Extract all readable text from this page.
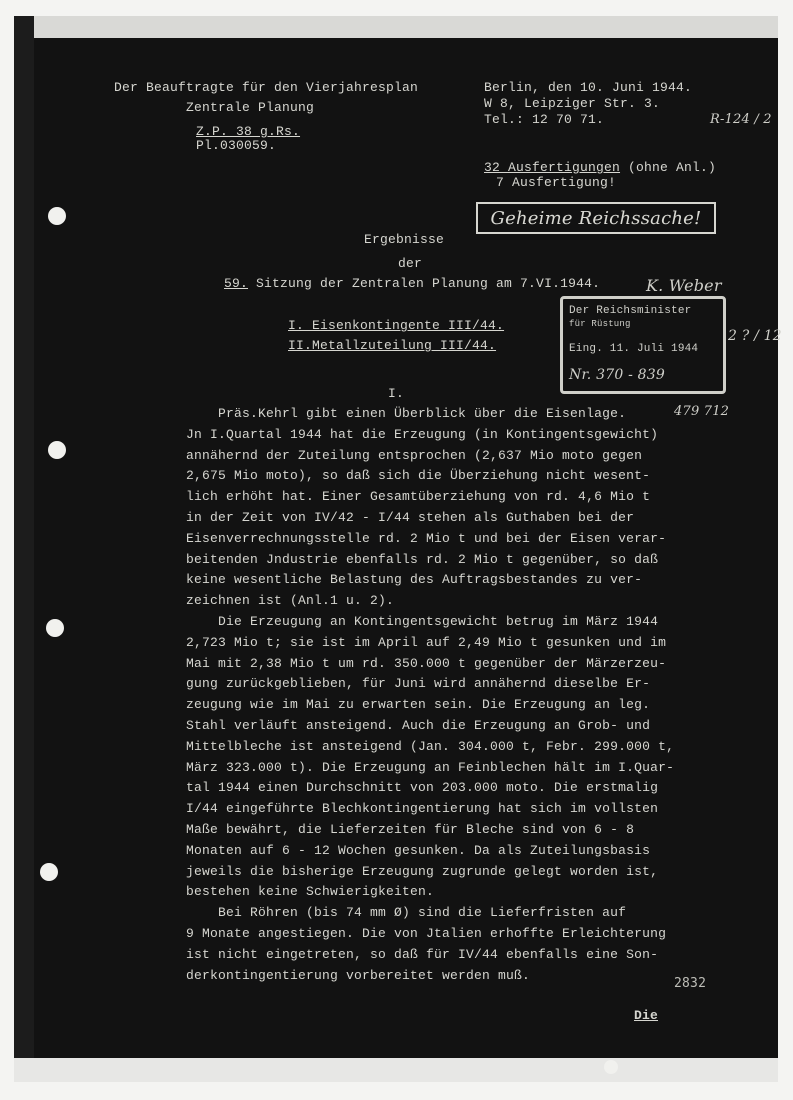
Der Beauftragte für den Vierjahresplan
Zentrale Planung
Z.P. 38 g.Rs.
Pl.030059.
Berlin, den 10. Juni 1944.
W 8, Leipziger Str. 3.
Tel.: 12 70 71.	R-124 / 2
32 Ausfertigungen (ohne Anl.)
7 Ausfertigung!
Geheime Reichssache!
Ergebnisse
der
59. Sitzung der Zentralen Planung am 7.VI.1944.	K. Weber
I. Eisenkontingente III/44.
II.Metallzuteilung III/44.
Der Reichsminister
für Rüstung
Eing. 11. Juli 1944
Nr. 370 - 839
2 ? / 12
I.
479 712
Präs.Kehrl gibt einen Überblick über die Eisenlage.
Jn I.Quartal 1944 hat die Erzeugung (in Kontingentsgewicht)
annähernd der Zuteilung entsprochen (2,637 Mio moto gegen
2,675 Mio moto), so daß sich die Überziehung nicht wesent-
lich erhöht hat. Einer Gesamtüberziehung von rd. 4,6 Mio t
in der Zeit von IV/42 - I/44 stehen als Guthaben bei der
Eisenverrechnungsstelle rd. 2 Mio t und bei der Eisen verar-
beitenden Jndustrie ebenfalls rd. 2 Mio t gegenüber, so daß
keine wesentliche Belastung des Auftragsbestandes zu ver-
zeichnen ist (Anl.1 u. 2).
Die Erzeugung an Kontingentsgewicht betrug im März 1944
2,723 Mio t; sie ist im April auf 2,49 Mio t gesunken und im
Mai mit 2,38 Mio t um rd. 350.000 t gegenüber der Märzerzeu-
gung zurückgeblieben, für Juni wird annähernd dieselbe Er-
zeugung wie im Mai zu erwarten sein. Die Erzeugung an leg.
Stahl verläuft ansteigend. Auch die Erzeugung an Grob- und
Mittelbleche ist ansteigend (Jan. 304.000 t, Febr. 299.000 t,
März 323.000 t). Die Erzeugung an Feinblechen hält im I.Quar-
tal 1944 einen Durchschnitt von 203.000 moto. Die erstmalig
I/44 eingeführte Blechkontingentierung hat sich im vollsten
Maße bewährt, die Lieferzeiten für Bleche sind von 6 - 8
Monaten auf 6 - 12 Wochen gesunken. Da als Zuteilungsbasis
jeweils die bisherige Erzeugung zugrunde gelegt worden ist,
bestehen keine Schwierigkeiten.
Bei Röhren (bis 74 mm Ø) sind die Lieferfristen auf
9 Monate angestiegen. Die von Jtalien erhoffte Erleichterung
ist nicht eingetreten, so daß für IV/44 ebenfalls eine Son-
derkontingentierung vorbereitet werden muß.
2832
Die
